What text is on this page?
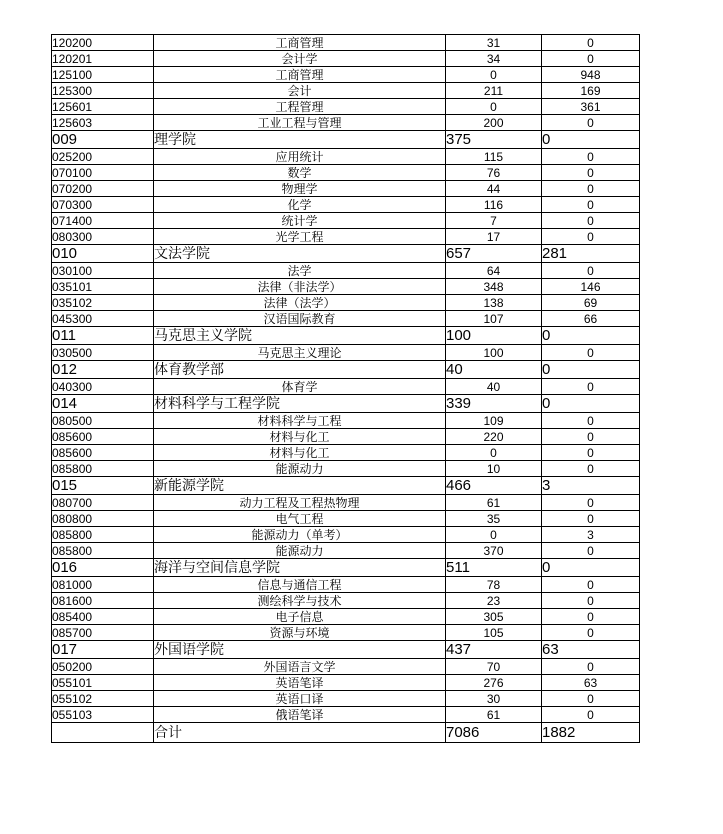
120200	工商管理	31	0
120201	会计学	34	0
125100	工商管理	0	948
125300	会计	211	169
125601	工程管理	0	361
125603	工业工程与管理	200	0
009	理学院	375	0
025200	应用统计	115	0
070100	数学	76	0
070200	物理学	44	0
070300	化学	116	0
071400	统计学	7	0
080300	光学工程	17	0
010	文法学院	657	281
030100	法学	64	0
035101	法律（非法学）	348	146
035102	法律（法学）	138	69
045300	汉语国际教育	107	66
011	马克思主义学院	100	0
030500	马克思主义理论	100	0
012	体育教学部	40	0
040300	体育学	40	0
014	材料科学与工程学院	339	0
080500	材料科学与工程	109	0
085600	材料与化工	220	0
085600	材料与化工	0	0
085800	能源动力	10	0
015	新能源学院	466	3
080700	动力工程及工程热物理	61	0
080800	电气工程	35	0
085800	能源动力（单考）	0	3
085800	能源动力	370	0
016	海洋与空间信息学院	511	0
081000	信息与通信工程	78	0
081600	测绘科学与技术	23	0
085400	电子信息	305	0
085700	资源与环境	105	0
017	外国语学院	437	63
050200	外国语言文学	70	0
055101	英语笔译	276	63
055102	英语口译	30	0
055103	俄语笔译	61	0
	合计	7086	1882
